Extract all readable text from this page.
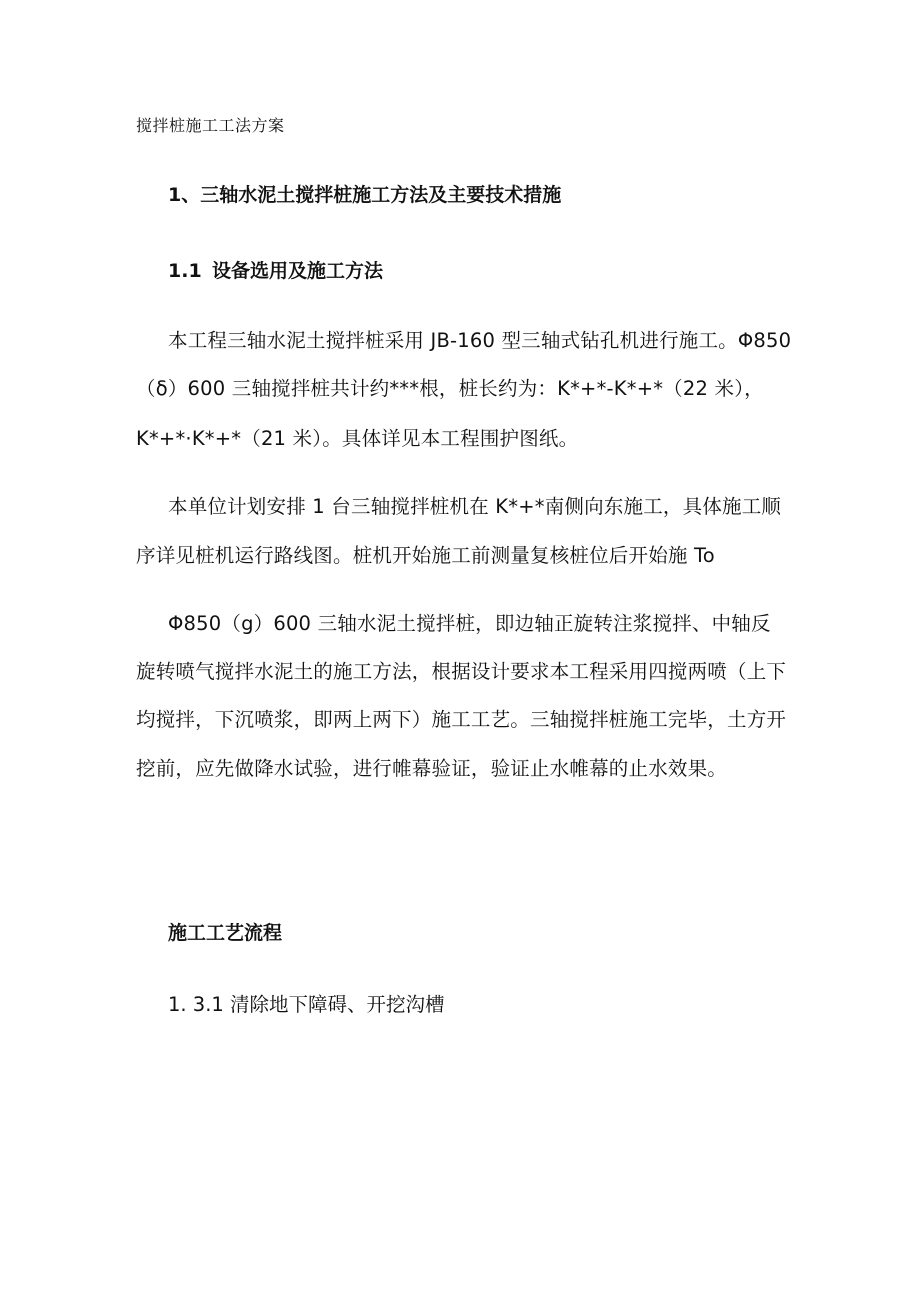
搅拌桩施工工法方案
1、三轴水泥土搅拌桩施工方法及主要技术措施
1.1 设备选用及施工方法
本工程三轴水泥土搅拌桩采用 JB-160 型三轴式钻孔机进行施工。Φ850
（δ）600 三轴搅拌桩共计约***根，桩长约为：K*+*-K*+*（22 米），
K*+*·K*+*（21 米）。具体详见本工程围护图纸。
本单位计划安排 1 台三轴搅拌桩机在 K*+*南侧向东施工，具体施工顺
序详见桩机运行路线图。桩机开始施工前测量复核桩位后开始施 To
Φ850（g）600 三轴水泥土搅拌桩，即边轴正旋转注浆搅拌、中轴反
旋转喷气搅拌水泥土的施工方法，根据设计要求本工程采用四搅两喷（上下
均搅拌，下沉喷浆，即两上两下）施工工艺。三轴搅拌桩施工完毕，土方开
挖前，应先做降水试验，进行帷幕验证，验证止水帷幕的止水效果。
施工工艺流程
1. 3.1 清除地下障碍、开挖沟槽
